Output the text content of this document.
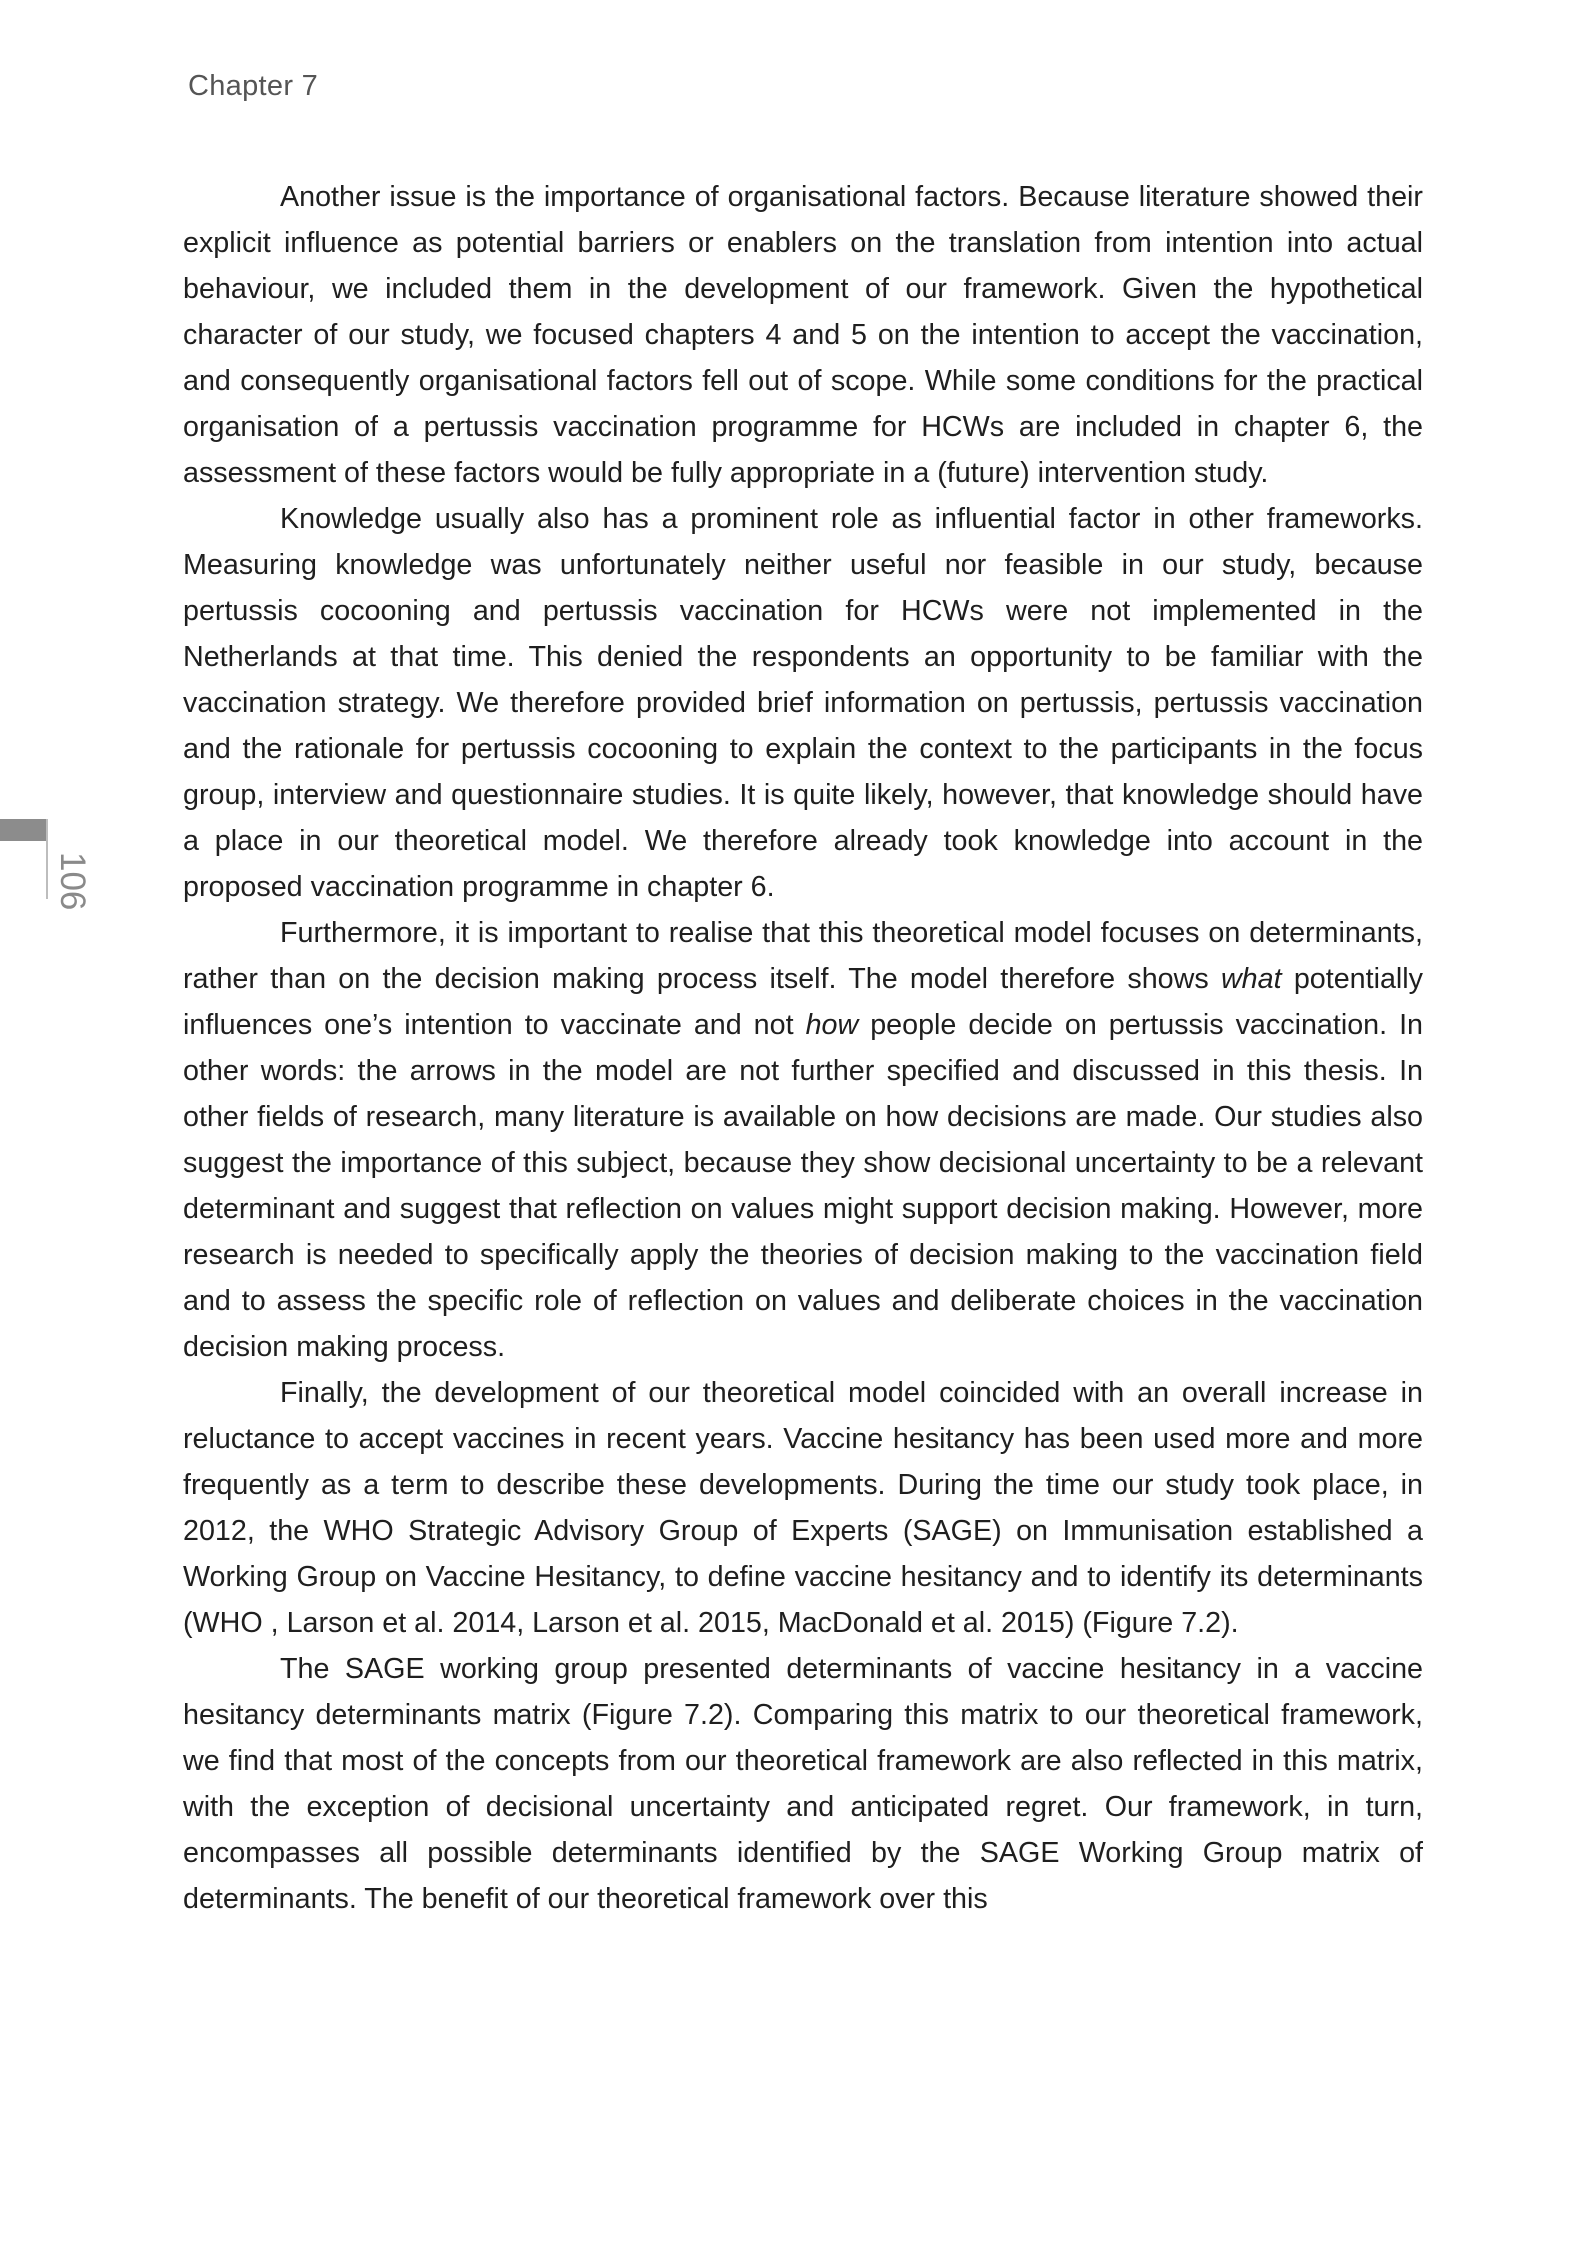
Chapter 7
106

Another issue is the importance of organisational factors. Because literature showed their explicit influence as potential barriers or enablers on the translation from intention into actual behaviour, we included them in the development of our framework. Given the hypothetical character of our study, we focused chapters 4 and 5 on the intention to accept the vaccination, and consequently organisational factors fell out of scope. While some conditions for the practical organisation of a pertussis vaccination programme for HCWs are included in chapter 6, the assessment of these factors would be fully appropriate in a (future) intervention study.

Knowledge usually also has a prominent role as influential factor in other frameworks. Measuring knowledge was unfortunately neither useful nor feasible in our study, because pertussis cocooning and pertussis vaccination for HCWs were not implemented in the Netherlands at that time. This denied the respondents an opportunity to be familiar with the vaccination strategy. We therefore provided brief information on pertussis, pertussis vaccination and the rationale for pertussis cocooning to explain the context to the participants in the focus group, interview and questionnaire studies. It is quite likely, however, that knowledge should have a place in our theoretical model. We therefore already took knowledge into account in the proposed vaccination programme in chapter 6.

Furthermore, it is important to realise that this theoretical model focuses on determinants, rather than on the decision making process itself. The model therefore shows what potentially influences one’s intention to vaccinate and not how people decide on pertussis vaccination. In other words: the arrows in the model are not further specified and discussed in this thesis. In other fields of research, many literature is available on how decisions are made. Our studies also suggest the importance of this subject, because they show decisional uncertainty to be a relevant determinant and suggest that reflection on values might support decision making. However, more research is needed to specifically apply the theories of decision making to the vaccination field and to assess the specific role of reflection on values and deliberate choices in the vaccination decision making process.

Finally, the development of our theoretical model coincided with an overall increase in reluctance to accept vaccines in recent years. Vaccine hesitancy has been used more and more frequently as a term to describe these developments. During the time our study took place, in 2012, the WHO Strategic Advisory Group of Experts (SAGE) on Immunisation established a Working Group on Vaccine Hesitancy, to define vaccine hesitancy and to identify its determinants (WHO , Larson et al. 2014, Larson et al. 2015, MacDonald et al. 2015) (Figure 7.2).

The SAGE working group presented determinants of vaccine hesitancy in a vaccine hesitancy determinants matrix (Figure 7.2). Comparing this matrix to our theoretical framework, we find that most of the concepts from our theoretical framework are also reflected in this matrix, with the exception of decisional uncertainty and anticipated regret. Our framework, in turn, encompasses all possible determinants identified by the SAGE Working Group matrix of determinants. The benefit of our theoretical framework over this
